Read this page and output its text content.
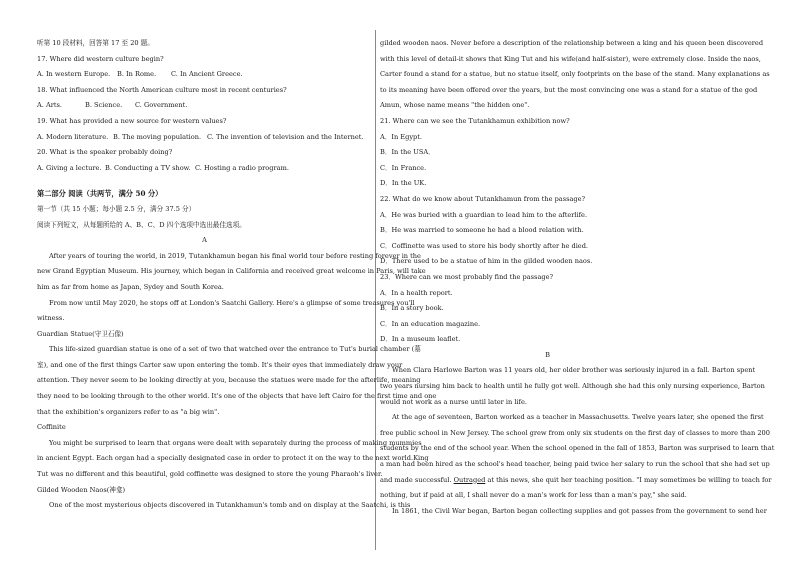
听第 10 段材料，回答第 17 至 20 题。
17. Where did western culture begin?
A. In western Europe. B. In Rome. C. In Ancient Greece.
18. What influenced the North American culture most in recent centuries?
A. Arts.	B. Science. C. Government.
19. What has provided a new source for western values?
A. Modern literature. B. The moving population. C. The invention of television and the Internet.
20. What is the speaker probably doing?
A. Giving a lecture. B. Conducting a TV show. C. Hosting a radio program.
第二部分 阅读（共两节，满分 50 分）
第一节（共 15 小题；每小题 2.5 分，满分 37.5 分）
阅读下列短文，从每题所给的 A、B、C、D 四个选项中选出最佳选项。
A
After years of touring the world, in 2019, Tutankhamun began his final world tour before resting forever in the
new Grand Egyptian Museum. His journey, which began in California and received great welcome in Paris, will take
him as far from home as Japan, Sydey and South Korea.
From now until May 2020, he stops off at London's Saatchi Gallery. Here's a glimpse of some treasures you'll
witness.
Guardian Statue(守卫石像)
This life-sized guardian statue is one of a set of two that watched over the entrance to Tut's burial chamber (墓
室), and one of the first things Carter saw upon entering the tomb. It's their eyes that immediately draw your
attention. They never seem to be looking directly at you, because the statues were made for the afterlife, meaning
they need to be looking through to the other world. It's one of the objects that have left Cairo for the first time and one
that the exhibition's organizers refer to as "a big win".
Coffinite
You might be surprised to learn that organs were dealt with separately during the process of making mummies
in ancient Egypt. Each organ had a specially designated case in order to protect it on the way to the next world.King
Tut was no different and this beautiful, gold coffinette was designed to store the young Pharaoh's liver.
Gilded Wooden Naos(神龛)
One of the most mysterious objects discovered in Tutankhamun's tomb and on display at the Saatchi, is this
gilded wooden naos. Never before a description of the relationship between a king and his queen been discovered
with this level of detail-it shows that King Tut and his wife(and half-sister), were extremely close. Inside the naos,
Carter found a stand for a statue, but no statue itself, only footprints on the base of the stand. Many explanations as
to its meaning have been offered over the years, but the most convincing one was a stand for a statue of the god
Amun, whose name means "the hidden one".
21. Where can we see the Tutankhamun exhibition now?
A．In Egypt.
B．In the USA．
C．In France.
D．In the UK.
22. What do we know about Tutankhamun from the passage?
A．He was buried with a guardian to lead him to the afterlife.
B．He was married to someone he had a blood relation with.
C．Coffinette was used to store his body shortly after he died.
D．There used to be a statue of him in the gilded wooden naos.
23．Where can we most probably find the passage?
A．In a health report.
B．In a story book.
C．In an education magazine.
D．In a museum leaflet.
B
When Clara Harlowe Barton was 11 years old, her older brother was seriously injured in a fall. Barton spent
two years nursing him back to health until he fully got well. Although she had this only nursing experience, Barton
would not work as a nurse until later in life.
At the age of seventeen, Barton worked as a teacher in Massachusetts. Twelve years later, she opened the first
free public school in New Jersey. The school grew from only six students on the first day of classes to more than 200
students by the end of the school year. When the school opened in the fall of 1853, Barton was surprised to learn that
a man had been hired as the school's head teacher, being paid twice her salary to run the school that she had set up
and made successful. Outraged at this news, she quit her teaching position. "I may sometimes be willing to teach for
nothing, but if paid at all, I shall never do a man's work for less than a man's pay," she said.
In 1861, the Civil War began, Barton began collecting supplies and got passes from the government to send her
